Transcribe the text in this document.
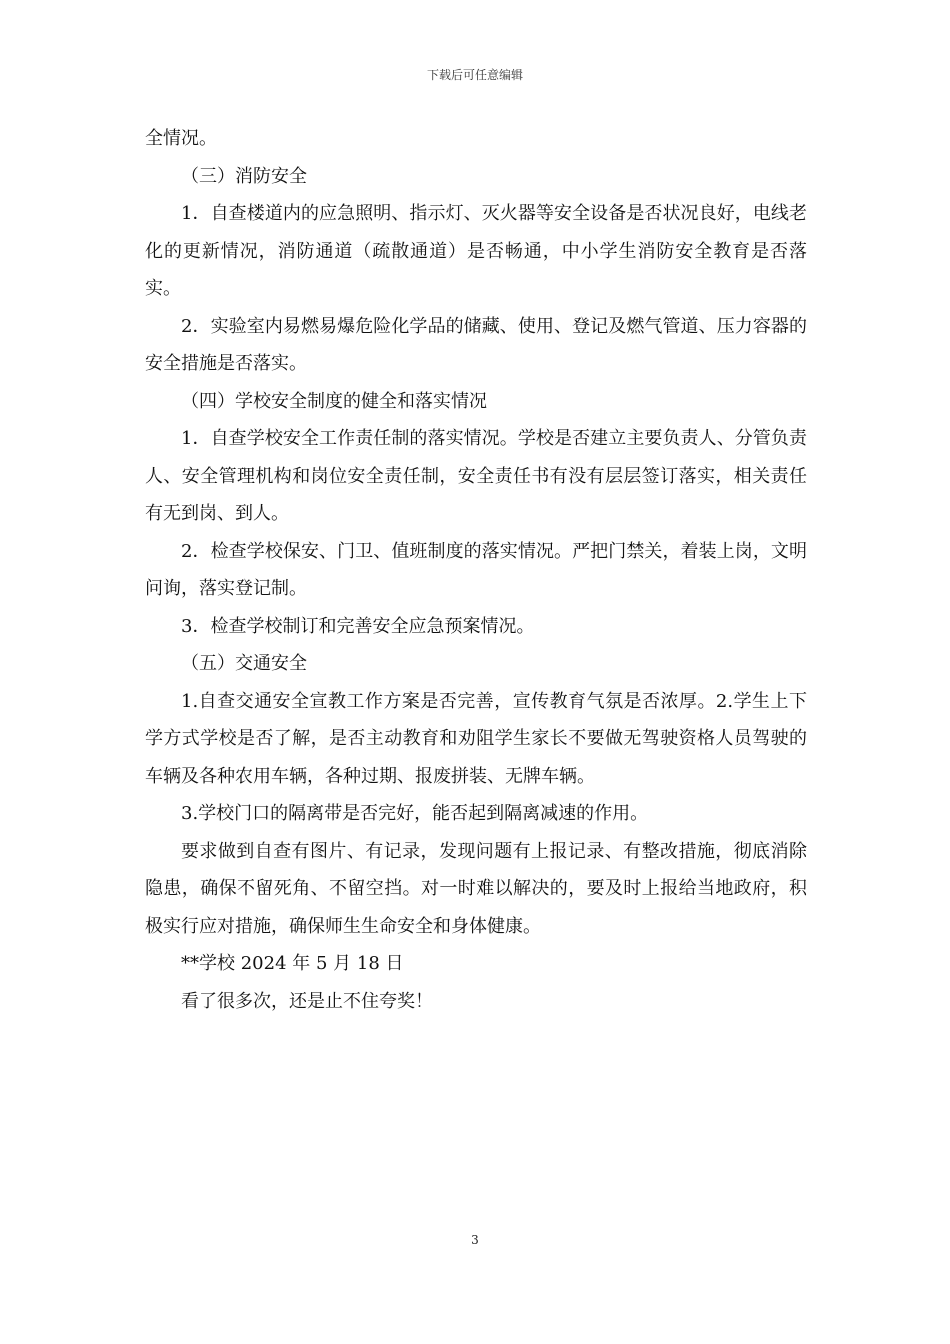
下载后可任意编辑

全情况。

（三）消防安全

1．自查楼道内的应急照明、指示灯、灭火器等安全设备是否状况良好，电线老化的更新情况，消防通道（疏散通道）是否畅通，中小学生消防安全教育是否落实。

2．实验室内易燃易爆危险化学品的储藏、使用、登记及燃气管道、压力容器的安全措施是否落实。

（四）学校安全制度的健全和落实情况

1．自查学校安全工作责任制的落实情况。学校是否建立主要负责人、分管负责人、安全管理机构和岗位安全责任制，安全责任书有没有层层签订落实，相关责任有无到岗、到人。

2．检查学校保安、门卫、值班制度的落实情况。严把门禁关，着装上岗，文明问询，落实登记制。

3．检查学校制订和完善安全应急预案情况。

（五）交通安全

1.自查交通安全宣教工作方案是否完善，宣传教育气氛是否浓厚。2.学生上下学方式学校是否了解，是否主动教育和劝阻学生家长不要做无驾驶资格人员驾驶的车辆及各种农用车辆，各种过期、报废拼装、无牌车辆。

3.学校门口的隔离带是否完好，能否起到隔离减速的作用。

要求做到自查有图片、有记录，发现问题有上报记录、有整改措施，彻底消除隐患，确保不留死角、不留空挡。对一时难以解决的，要及时上报给当地政府，积极实行应对措施，确保师生生命安全和身体健康。

**学校 2024 年 5 月 18 日

看了很多次，还是止不住夸奖！

3
